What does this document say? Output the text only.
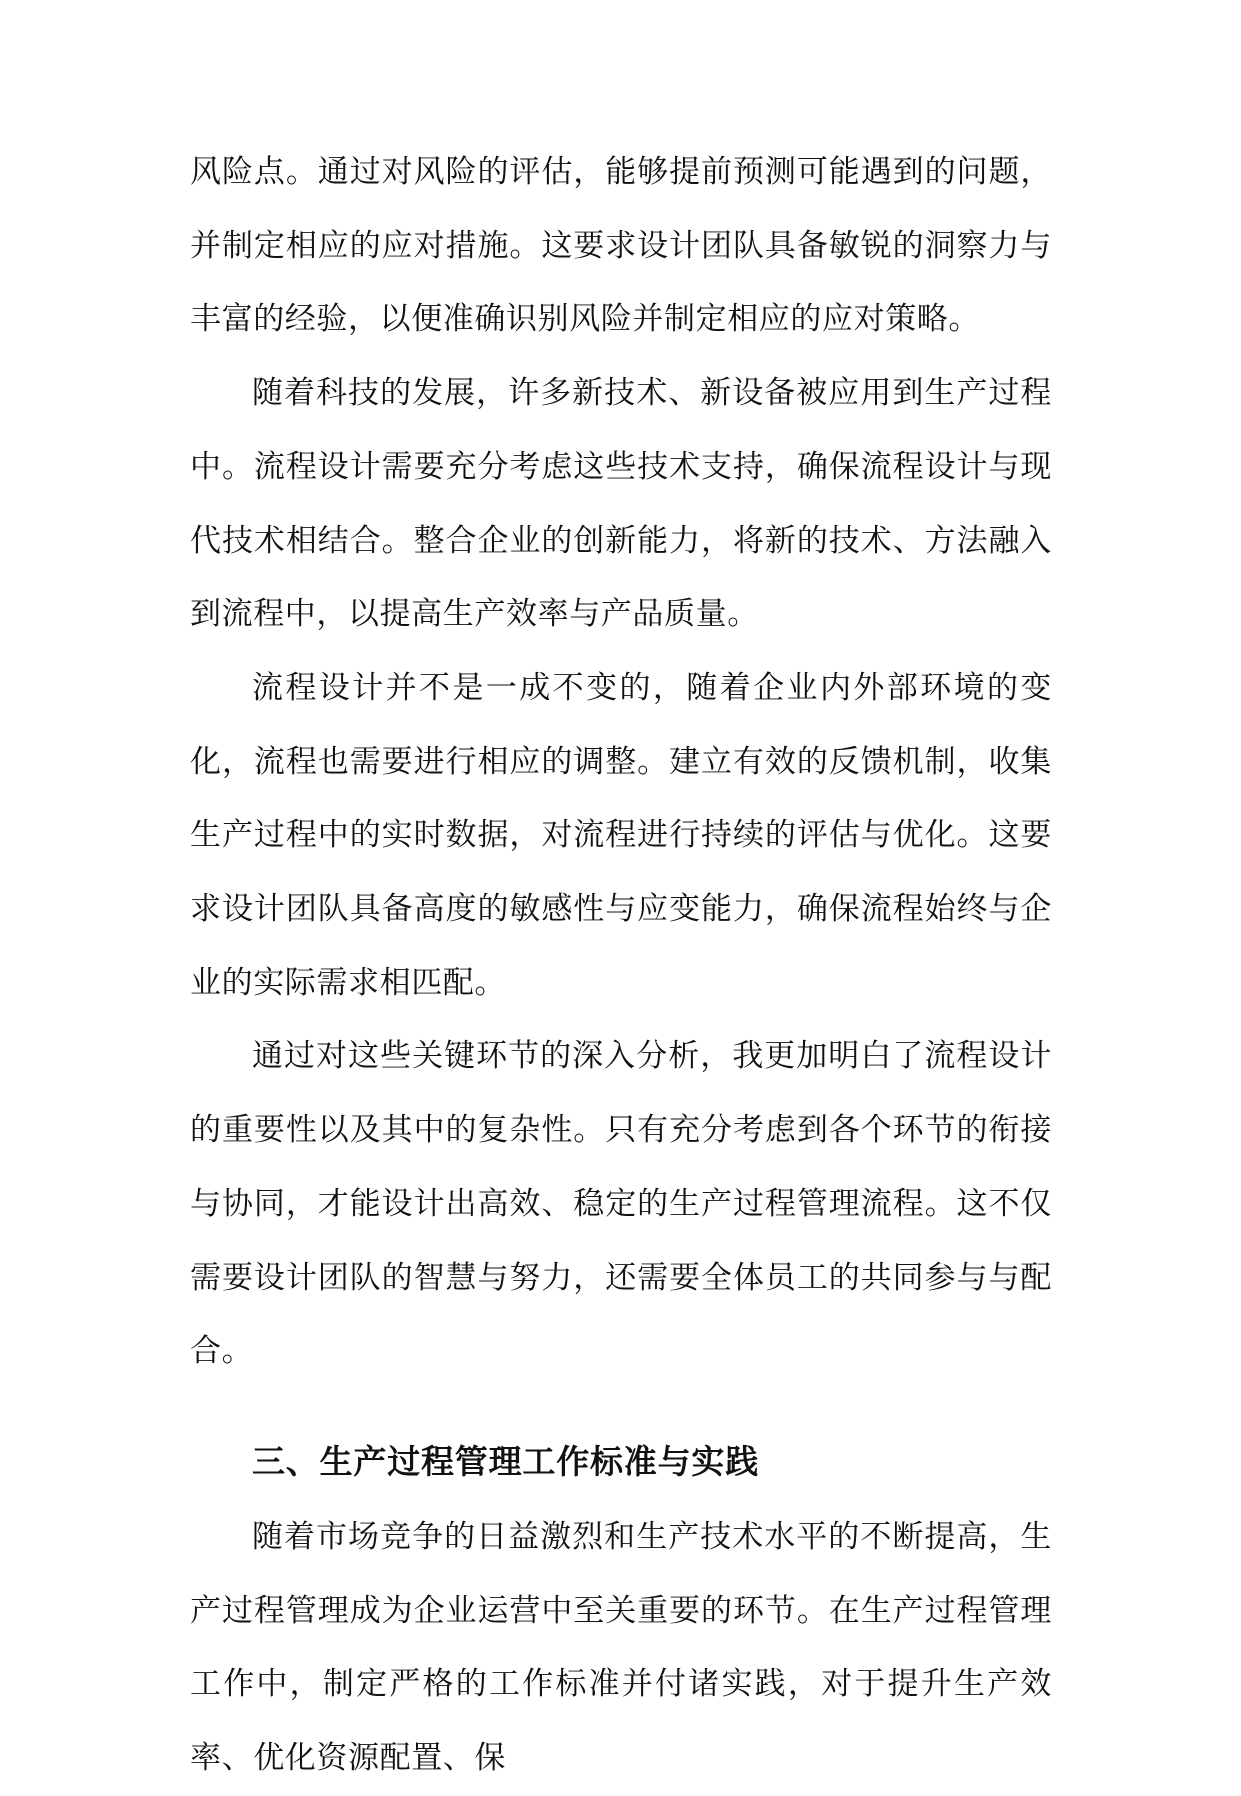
风险点。通过对风险的评估，能够提前预测可能遇到的问题，并制定相应的应对措施。这要求设计团队具备敏锐的洞察力与丰富的经验，以便准确识别风险并制定相应的应对策略。

随着科技的发展，许多新技术、新设备被应用到生产过程中。流程设计需要充分考虑这些技术支持，确保流程设计与现代技术相结合。整合企业的创新能力，将新的技术、方法融入到流程中，以提高生产效率与产品质量。

流程设计并不是一成不变的，随着企业内外部环境的变化，流程也需要进行相应的调整。建立有效的反馈机制，收集生产过程中的实时数据，对流程进行持续的评估与优化。这要求设计团队具备高度的敏感性与应变能力，确保流程始终与企业的实际需求相匹配。

通过对这些关键环节的深入分析，我更加明白了流程设计的重要性以及其中的复杂性。只有充分考虑到各个环节的衔接与协同，才能设计出高效、稳定的生产过程管理流程。这不仅需要设计团队的智慧与努力，还需要全体员工的共同参与与配合。

三、生产过程管理工作标准与实践

随着市场竞争的日益激烈和生产技术水平的不断提高，生产过程管理成为企业运营中至关重要的环节。在生产过程管理工作中，制定严格的工作标准并付诸实践，对于提升生产效率、优化资源配置、保
